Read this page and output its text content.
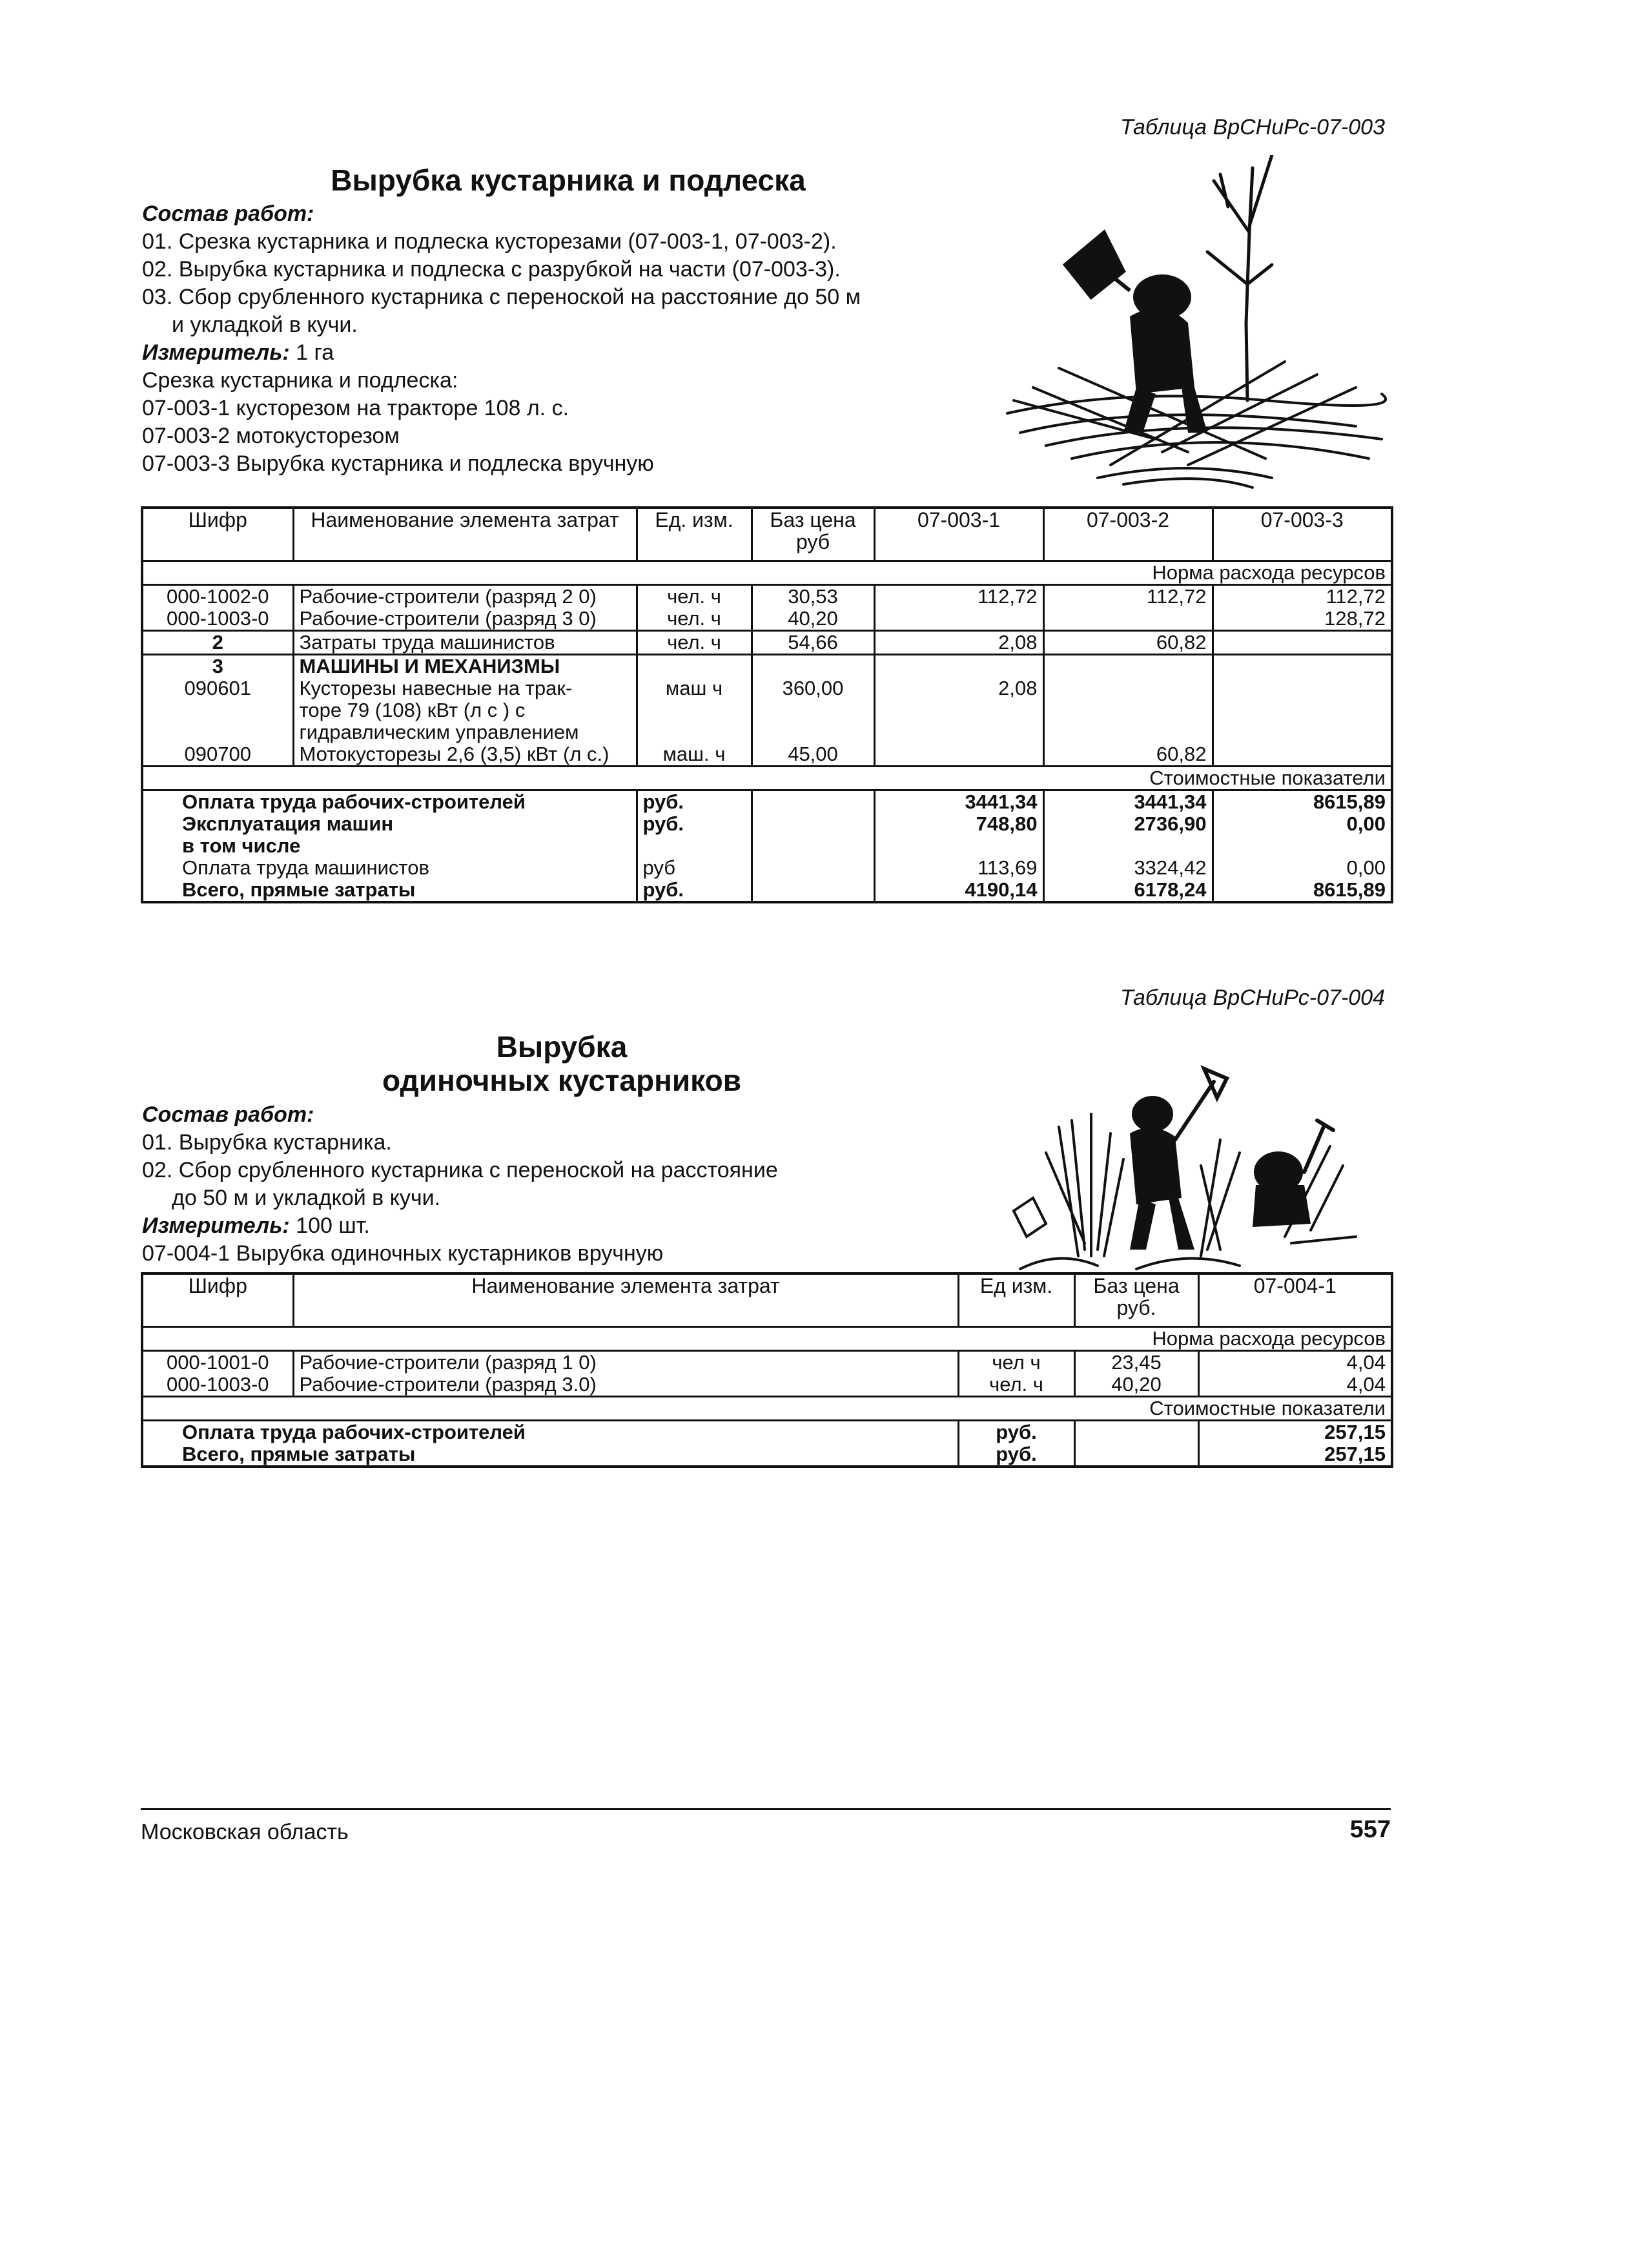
Таблица ВрСНиРс-07-003
Вырубка кустарника и подлеска
Состав работ:
01. Срезка кустарника и подлеска кусторезами (07-003-1, 07-003-2).
02. Вырубка кустарника и подлеска с разрубкой на части (07-003-3).
03. Сбор срубленного кустарника с переноской на расстояние до 50 м
и укладкой в кучи.
Измеритель: 1 га
Срезка кустарника и подлеска:
07-003-1 кусторезом на тракторе 108 л. с.
07-003-2 мотокусторезом
07-003-3 Вырубка кустарника и подлеска вручную
Шифр	Наименование элемента затрат	Ед. изм.	Баз цена руб	07-003-1	07-003-2	07-003-3
Норма расхода ресурсов						
000-1002-0	Рабочие-строители (разряд 2 0)	чел. ч	30,53	112,72	112,72	112,72
000-1003-0	Рабочие-строители (разряд 3 0)	чел. ч	40,20			128,72
2	Затраты труда машинистов	чел. ч	54,66	2,08	60,82	
3	МАШИНЫ И МЕХАНИЗМЫ					
090601	Кусторезы навесные на трак-	маш ч	360,00	2,08		
	торе 79 (108) кВт (л с ) с					
	гидравлическим управлением					
090700	Мотокусторезы 2,6 (3,5) кВт (л с.)	маш. ч	45,00		60,82	
Стоимостные показатели						
Оплата труда рабочих-строителей		руб.		3441,34	3441,34	8615,89
Эксплуатация машин		руб.		748,80	2736,90	0,00
в том числе						
Оплата труда машинистов		руб		113,69	3324,42	0,00
Всего, прямые затраты		руб.		4190,14	6178,24	8615,89
Таблица ВрСНиРс-07-004
Вырубка
одиночных кустарников
Состав работ:
01. Вырубка кустарника.
02. Сбор срубленного кустарника с переноской на расстояние
до 50 м и укладкой в кучи.
Измеритель: 100 шт.
07-004-1 Вырубка одиночных кустарников вручную
Шифр	Наименование элемента затрат	Ед изм.	Баз цена руб.	07-004-1
Норма расхода ресурсов				
000-1001-0	Рабочие-строители (разряд 1 0)	чел ч	23,45	4,04
000-1003-0	Рабочие-строители (разряд 3.0)	чел. ч	40,20	4,04
Стоимостные показатели				
Оплата труда рабочих-строителей		руб.		257,15
Всего, прямые затраты		руб.		257,15
Московская область	557
